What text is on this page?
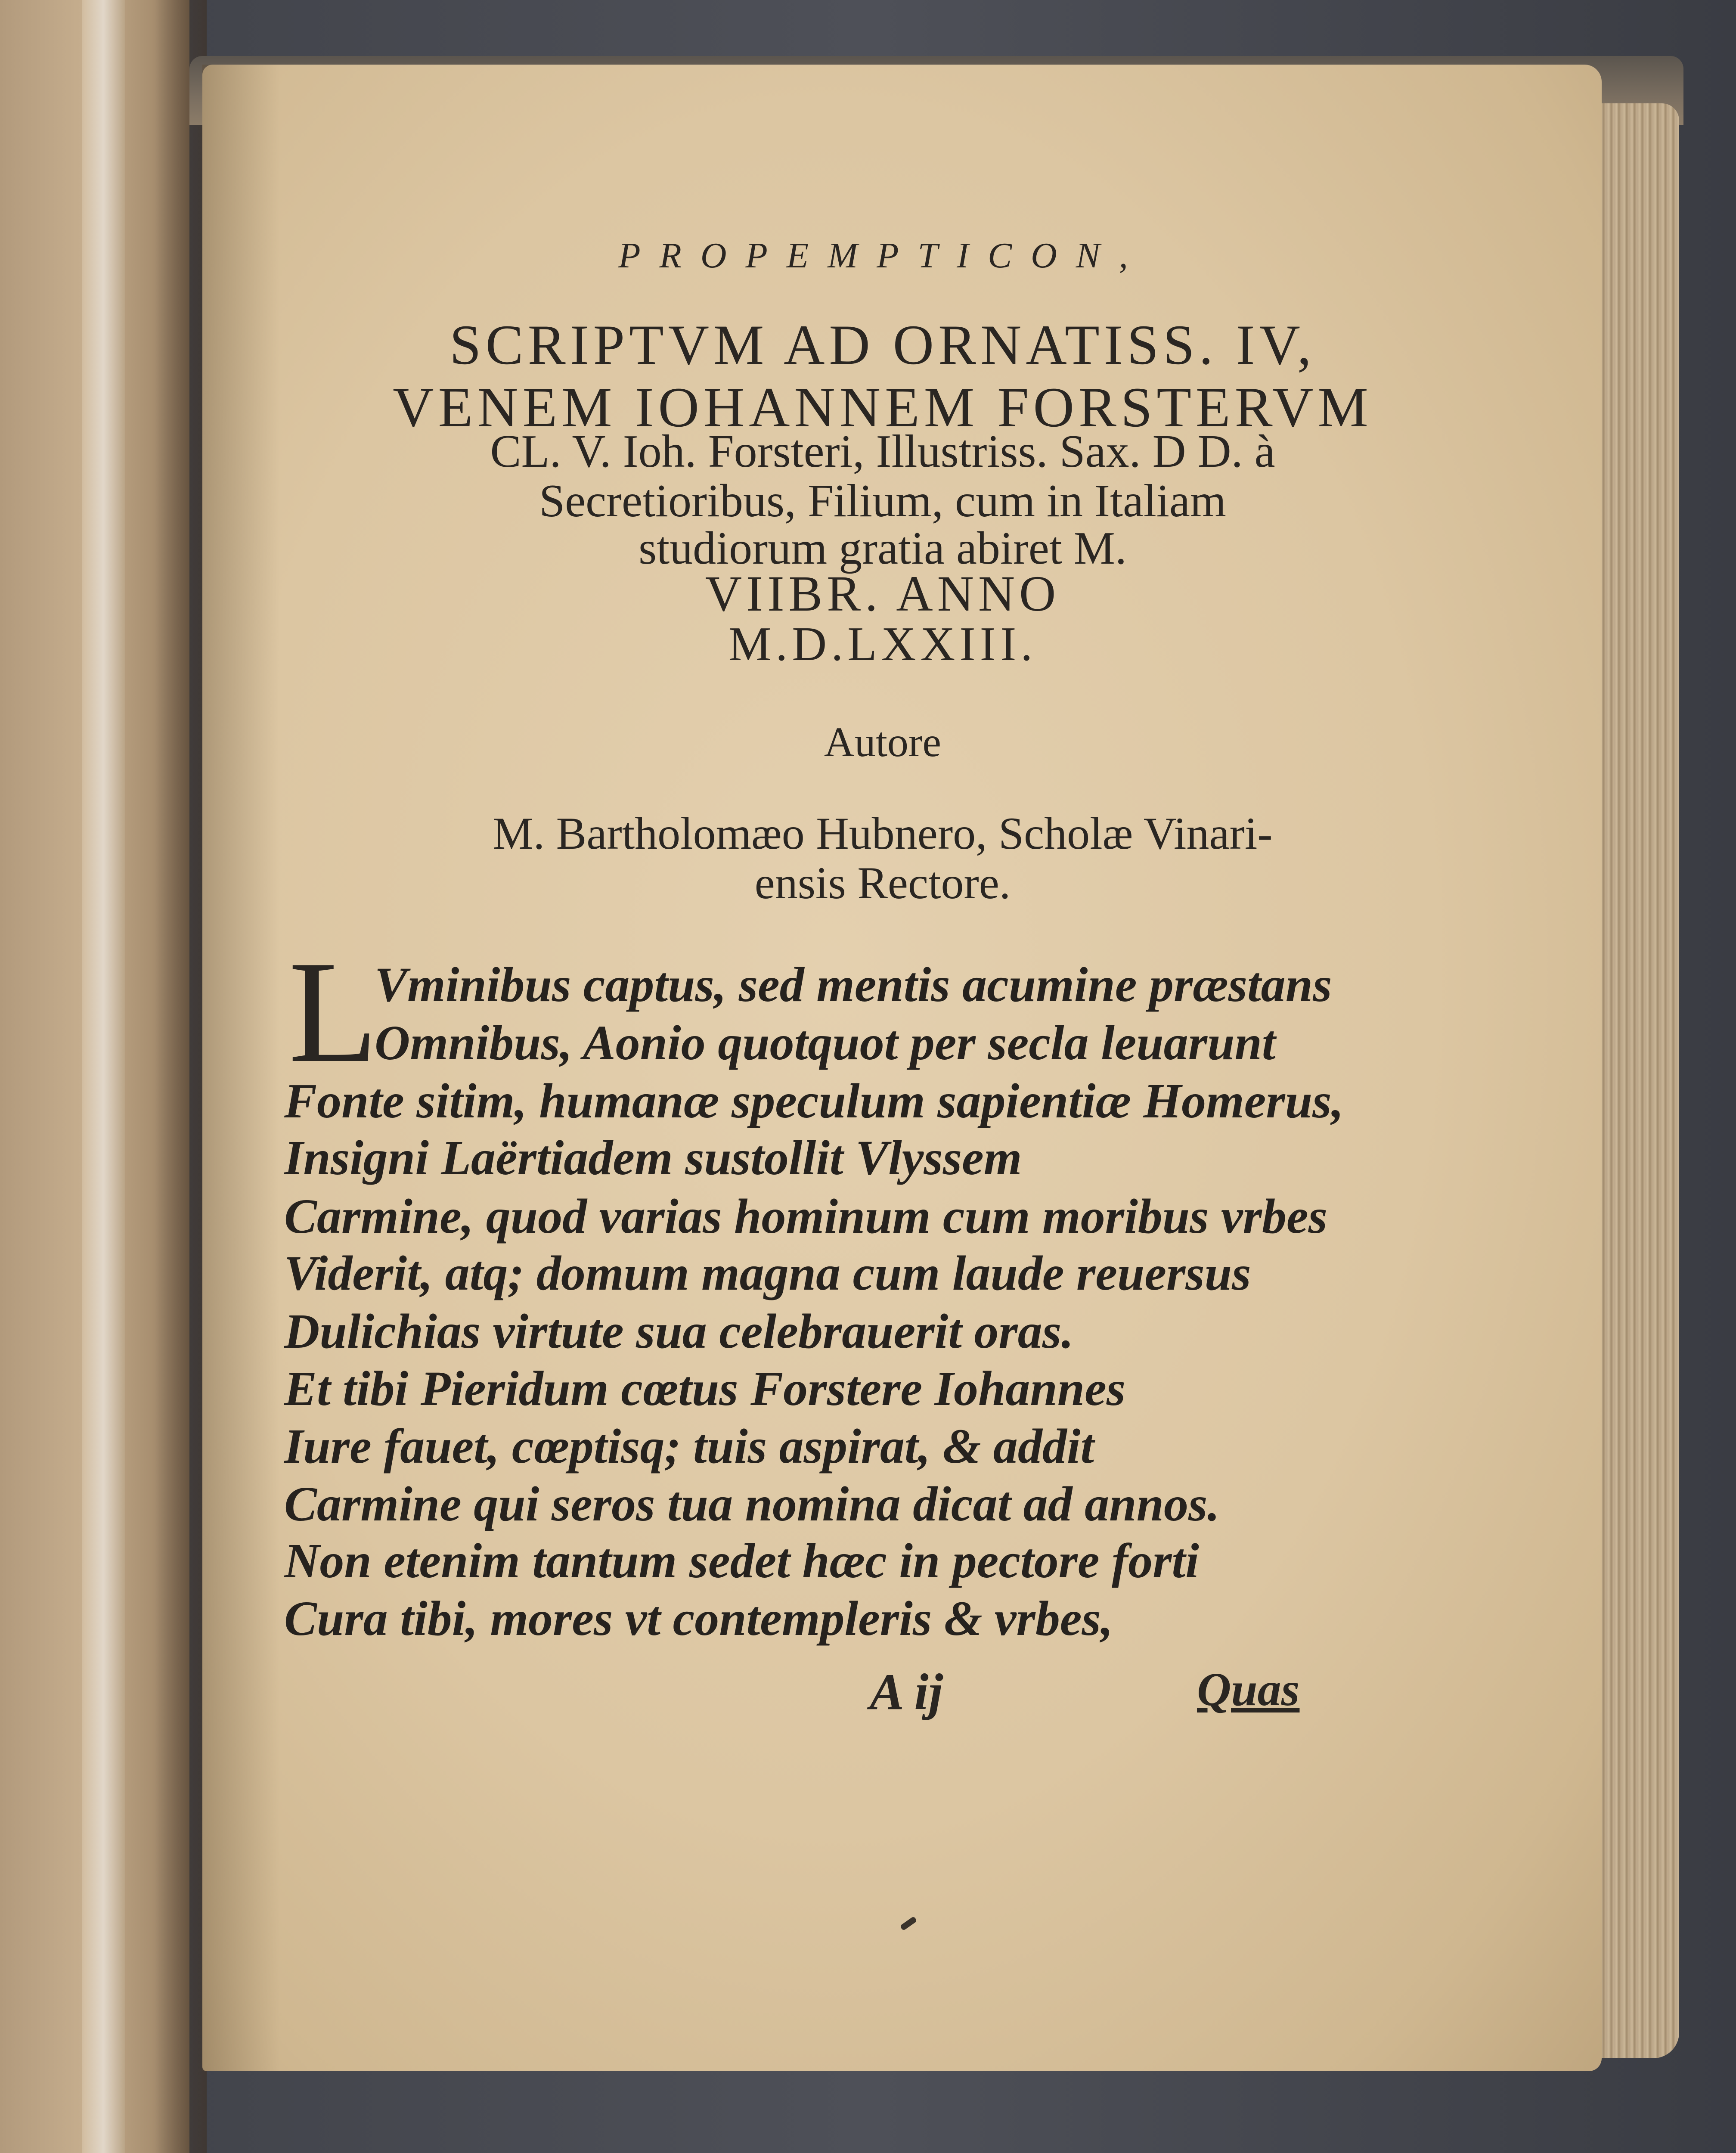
PROPEMPTICON,
SCRIPTVM AD ORNATISS. IV,
VENEM IOHANNEM FORSTERVM
CL. V. Ioh. Forsteri, Illustriss. Sax. D D. à
Secretioribus, Filium, cum in Italiam
studiorum gratia abiret M.
VIIBR. ANNO
M.D.LXXIII.
Autore
M. Bartholomæo Hubnero, Scholæ Vinari-
ensis Rectore.
L
Vminibus captus, sed mentis acumine præstans
Omnibus, Aonio quotquot per secla leuarunt
Fonte sitim, humanæ speculum sapientiæ Homerus,
Insigni Laërtiadem sustollit Vlyssem
Carmine, quod varias hominum cum moribus vrbes
Viderit, atq; domum magna cum laude reuersus
Dulichias virtute sua celebrauerit oras.
Et tibi Pieridum cœtus Forstere Iohannes
Iure fauet, cœptisq; tuis aspirat, & addit
Carmine qui seros tua nomina dicat ad annos.
Non etenim tantum sedet hæc in pectore forti
Cura tibi, mores vt contempleris & vrbes,
A ij	Quas
